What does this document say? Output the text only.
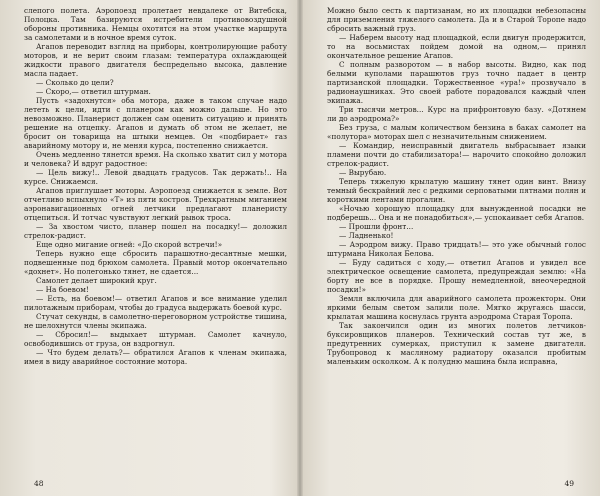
слепого полета. Аэропоезд пролетает невдалеке от Витебска, Полоцка. Там базируются истребители противовоздушной обороны противника. Немцы охотятся на этом участке маршрута за самолетами и в ночное время суток.

Агапов переводит взгляд на приборы, контролирующие работу моторов, и не верит своим глазам: температура охлаждающей жидкости правого двигателя беспредельно высока, давление масла падает.

— Сколько до цели?

— Скоро,— ответил штурман.

Пусть «задохнутся» оба мотора, даже в таком случае надо лететь к цели, идти с планером как можно дальше. Но это невозможно. Планерист должен сам оценить ситуацию и принять решение на отцепку. Агапов и думать об этом не желает, не бросит он товарища на штыки немцев. Он «подбирает» газ аварийному мотору и, не меняя курса, постепенно снижается.

Очень медленно тянется время. На сколько хватит сил у мотора и человека? И вдруг радостное:

— Цель вижу!.. Левой двадцать градусов. Так держать!.. На курсе. Снижаемся.

Агапов приглушает моторы. Аэропоезд снижается к земле. Вот отчетливо вспыхнуло «Т» из пяти костров. Трехкратным миганием аэронавигационных огней летчики предлагают планеристу отцепиться. И тотчас чувствуют легкий рывок троса.

— За хвостом чисто, планер пошел на посадку!— доложил стрелок-радист.

Еще одно мигание огней: «До скорой встречи!»

Теперь нужно еще сбросить парашютно-десантные мешки, подвешенные под брюхом самолета. Правый мотор окончательно «дохнет». Но полегонько тянет, не сдается...

Самолет делает широкий круг.

— На боевом!

— Есть, на боевом!— ответил Агапов и все внимание уделил пилотажным приборам, чтобы до градуса выдержать боевой курс.

Стучат секунды, в самолетно-переговорном устройстве тишина, не шелохнутся члены экипажа.

— Сбросил!— выдыхает штурман. Самолет качнуло, освободившись от груза, он вздрогнул.

— Что будем делать?— обратился Агапов к членам экипажа, имея в виду аварийное состояние мотора.

48

Можно было сесть к партизанам, но их площадки небезопасны для приземления тяжелого самолета. Да и в Старой Торопе надо сбросить важный груз.

— Наберем высоту над площадкой, если двигун продержится, то на восьмистах пойдем домой на одном,— принял окончательное решение Агапов.

С полным разворотом — в набор высоты. Видно, как под белыми куполами парашютов груз точно падает в центр партизанской площадки. Торжественное «ура!» прозвучало в радионаушниках. Это своей работе порадовался каждый член экипажа.

Три тысячи метров... Курс на прифронтовую базу. «Дотянем ли до аэродрома?»

Без груза, с малым количеством бензина в баках самолет на «полутора» моторах шел с незначительным снижением.

— Командир, неисправный двигатель выбрасывает языки пламени почти до стабилизатора!— нарочито спокойно доложил стрелок-радист.

— Вырубаю.

Теперь тяжелую крылатую машину тянет один винт. Внизу темный бескрайний лес с редкими серповатыми пятнами полян и короткими лентами прогалин.

«Ночью хорошую площадку для вынужденной посадки не подберешь... Она и не понадобиться»,— успокаивает себя Агапов.

— Прошли фронт...

— Ладненько!

— Аэродром вижу. Право тридцать!— это уже обычный голос штурмана Николая Белова.

— Буду садиться с ходу,— ответил Агапов и увидел все электрическое освещение самолета, предупреждая землю: «На борту не все в порядке. Прошу немедленной, внеочередной посадки!»

Земля включила для аварийного самолета прожекторы. Они яркими белым светом залили поле. Мягко жругаясь шасси, крылатая машина коснулась грунта аэродрома Старая Торопа.

Так закончился один из многих полетов летчиков-буксировщиков планеров. Технический состав тут же, в предутренних сумерках, приступил к замене двигателя. Трубопровод к масляному радиатору оказался пробитым маленьким осколком. А к полудню машина была исправна,

49
